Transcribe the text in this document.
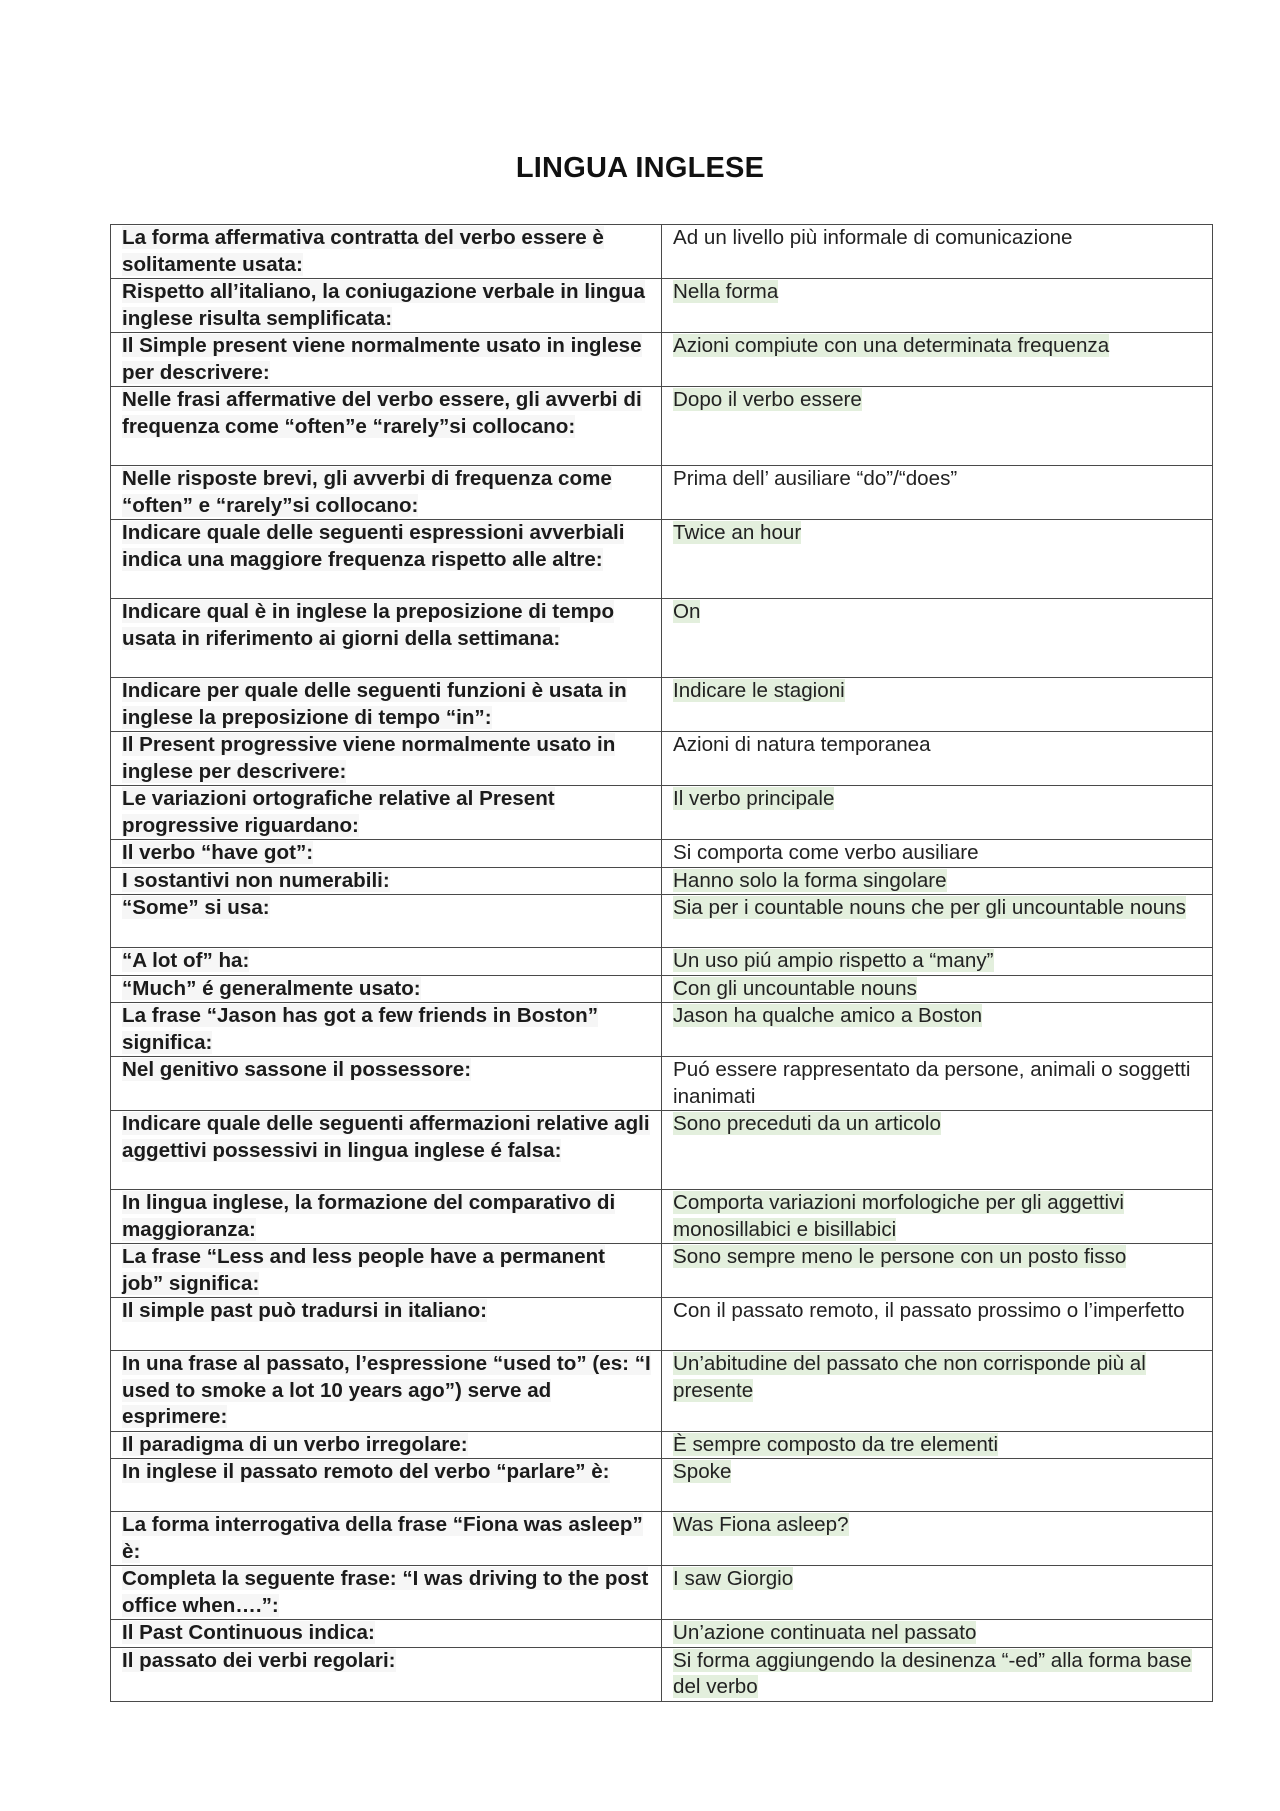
LINGUA INGLESE
La forma affermativa contratta del verbo essere è solitamente usata:	Ad un livello più informale di comunicazione
Rispetto all’italiano, la coniugazione verbale in lingua inglese risulta semplificata:	Nella forma
Il Simple present viene normalmente usato in inglese per descrivere:	Azioni compiute con una determinata frequenza
Nelle frasi affermative del verbo essere, gli avverbi di frequenza come “often”e “rarely”si collocano:	Dopo il verbo essere
Nelle risposte brevi, gli avverbi di frequenza come “often” e “rarely”si collocano:	Prima dell’ ausiliare “do”/“does”
Indicare quale delle seguenti espressioni avverbiali indica una maggiore frequenza rispetto alle altre:	Twice an hour
Indicare qual è in inglese la preposizione di tempo usata in riferimento ai giorni della settimana:	On
Indicare per quale delle seguenti funzioni è usata in inglese la preposizione di tempo “in”:	Indicare le stagioni
Il Present progressive viene normalmente usato in inglese per descrivere:	Azioni di natura temporanea
Le variazioni ortografiche relative al Present progressive riguardano:	Il verbo principale
Il verbo “have got”:	Si comporta come verbo ausiliare
I sostantivi non numerabili:	Hanno solo la forma singolare
“Some” si usa:	Sia per i countable nouns che per gli uncountable nouns
“A lot of” ha:	Un uso piú ampio rispetto a “many”
“Much” é generalmente usato:	Con gli uncountable nouns
La frase “Jason has got a few friends in Boston” significa:	Jason ha qualche amico a Boston
Nel genitivo sassone il possessore:	Puó essere rappresentato da persone, animali o soggetti inanimati
Indicare quale delle seguenti affermazioni relative agli aggettivi possessivi in lingua inglese é falsa:	Sono preceduti da un articolo
In lingua inglese, la formazione del comparativo di maggioranza:	Comporta variazioni morfologiche per gli aggettivi monosillabici e bisillabici
La frase “Less and less people have a permanent job” significa:	Sono sempre meno le persone con un posto fisso
Il simple past può tradursi in italiano:	Con il passato remoto, il passato prossimo o l’imperfetto
In una frase al passato, l’espressione “used to” (es: “I used to smoke a lot 10 years ago”) serve ad esprimere:	Un’abitudine del passato che non corrisponde più al presente
Il paradigma di un verbo irregolare:	È sempre composto da tre elementi
In inglese il passato remoto del verbo “parlare” è:	Spoke
La forma interrogativa della frase “Fiona was asleep” è:	Was Fiona asleep?
Completa la seguente frase: “I was driving to the post office when….”:	I saw Giorgio
Il Past Continuous indica:	Un’azione continuata nel passato
Il passato dei verbi regolari:	Si forma aggiungendo la desinenza “-ed” alla forma base del verbo
